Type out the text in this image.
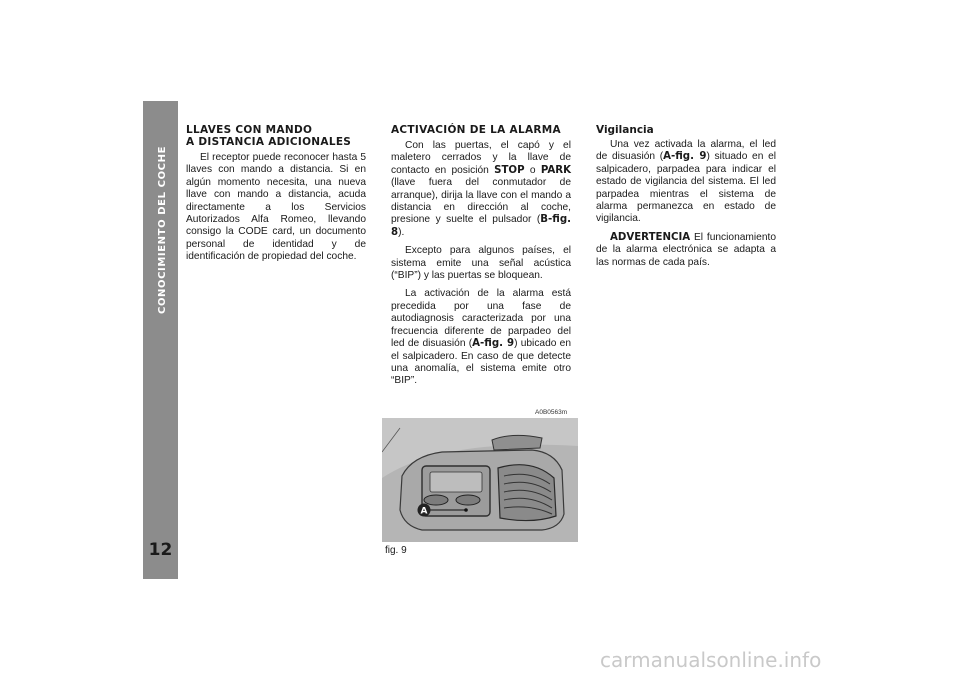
CONOCIMIENTO DEL COCHE
12
LLAVES CON MANDO
A DISTANCIA ADICIONALES

El receptor puede reconocer hasta 5 llaves con mando a distancia. Si en algún momento necesita, una nueva llave con mando a distancia, acuda directamente a los Servicios Autorizados Alfa Romeo, llevando consigo la CODE card, un documento personal de identidad y de identificación de propiedad del coche.

ACTIVACIÓN DE LA ALARMA

Con las puertas, el capó y el maletero cerrados y la llave de contacto en posición STOP o PARK (llave fuera del conmutador de arranque), dirija la llave con el mando a distancia en dirección al coche, presione y suelte el pulsador (B-fig. 8).

Excepto para algunos países, el sistema emite una señal acústica (“BIP”) y las puertas se bloquean.

La activación de la alarma está precedida por una fase de autodiagnosis caracterizada por una frecuencia diferente de parpadeo del led de disuasión (A-fig. 9) ubicado en el salpicadero. En caso de que detecte una anomalía, el sistema emite otro “BIP”.

Vigilancia

Una vez activada la alarma, el led de disuasión (A-fig. 9) situado en el salpicadero, parpadea para indicar el estado de vigilancia del sistema. El led parpadea mientras el sistema de alarma permanezca en estado de vigilancia.

ADVERTENCIA El funcionamiento de la alarma electrónica se adapta a las normas de cada país.

A0B0563m
A
fig. 9
carmanualsonline.info
